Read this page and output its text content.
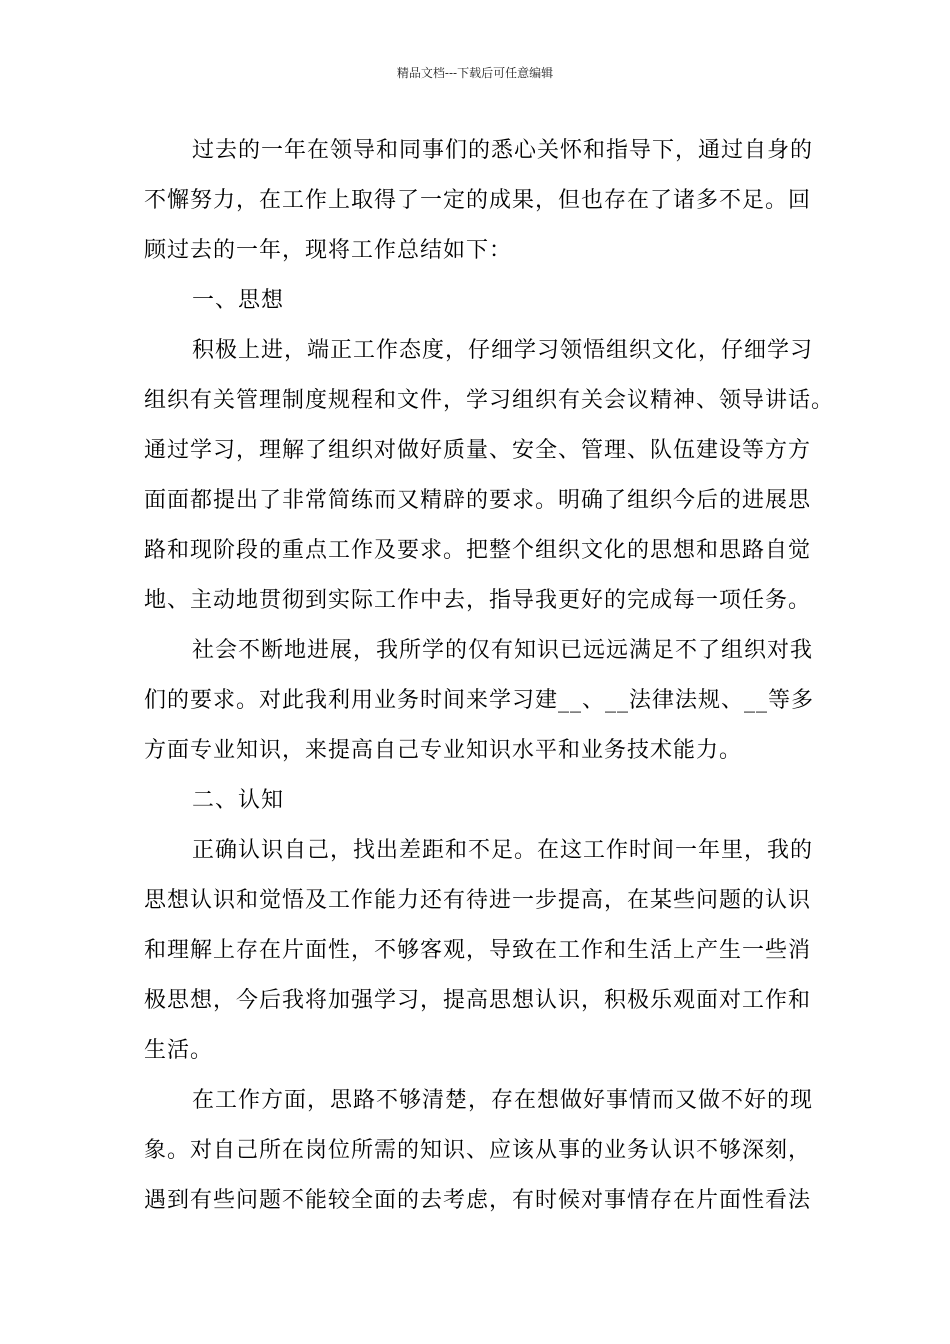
精品文档---下载后可任意编辑
过去的一年在领导和同事们的悉心关怀和指导下，通过自身的
不懈努力，在工作上取得了一定的成果，但也存在了诸多不足。回
顾过去的一年，现将工作总结如下：
一、思想
积极上进，端正工作态度，仔细学习领悟组织文化，仔细学习
组织有关管理制度规程和文件，学习组织有关会议精神、领导讲话。
通过学习，理解了组织对做好质量、安全、管理、队伍建设等方方
面面都提出了非常简练而又精辟的要求。明确了组织今后的进展思
路和现阶段的重点工作及要求。把整个组织文化的思想和思路自觉
地、主动地贯彻到实际工作中去，指导我更好的完成每一项任务。
社会不断地进展，我所学的仅有知识已远远满足不了组织对我
们的要求。对此我利用业务时间来学习建__、__法律法规、__等多
方面专业知识，来提高自己专业知识水平和业务技术能力。
二、认知
正确认识自己，找出差距和不足。在这工作时间一年里，我的
思想认识和觉悟及工作能力还有待进一步提高，在某些问题的认识
和理解上存在片面性，不够客观，导致在工作和生活上产生一些消
极思想，今后我将加强学习，提高思想认识，积极乐观面对工作和
生活。
在工作方面，思路不够清楚，存在想做好事情而又做不好的现
象。对自己所在岗位所需的知识、应该从事的业务认识不够深刻，
遇到有些问题不能较全面的去考虑，有时候对事情存在片面性看法
